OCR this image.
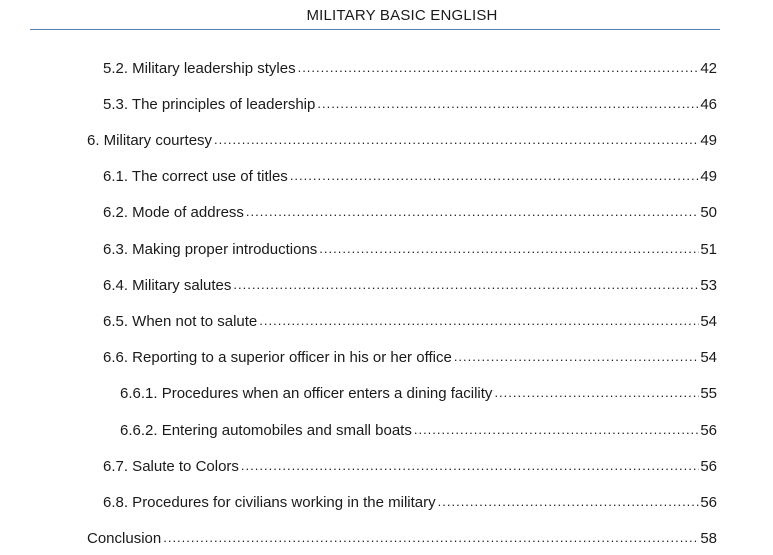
MILITARY BASIC ENGLISH
5.2. Military leadership styles .....	42
5.3. The principles of leadership .....	46
6. Military courtesy .....	49
6.1. The correct use of titles .....	49
6.2. Mode of address .....	50
6.3. Making proper introductions .....	51
6.4. Military salutes .....	53
6.5. When not to salute .....	54
6.6. Reporting to a superior officer in his or her office .....	54
6.6.1. Procedures when an officer enters a dining facility .....	55
6.6.2. Entering automobiles and small boats .....	56
6.7. Salute to Colors .....	56
6.8. Procedures for civilians working in the military .....	56
Conclusion .....	58
